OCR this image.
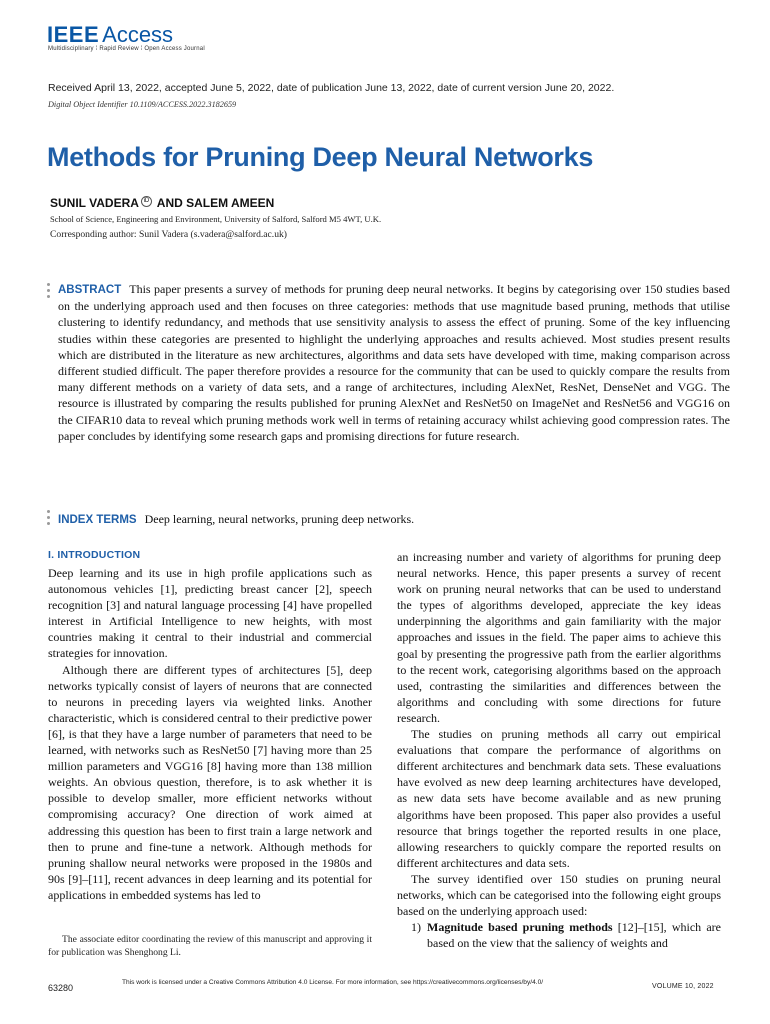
IEEE Access
Multidisciplinary ⁞ Rapid Review ⁞ Open Access Journal
Received April 13, 2022, accepted June 5, 2022, date of publication June 13, 2022, date of current version June 20, 2022.
Digital Object Identifier 10.1109/ACCESS.2022.3182659
Methods for Pruning Deep Neural Networks
SUNIL VADERA iD AND SALEM AMEEN
School of Science, Engineering and Environment, University of Salford, Salford M5 4WT, U.K.
Corresponding author: Sunil Vadera (s.vadera@salford.ac.uk)
ABSTRACT This paper presents a survey of methods for pruning deep neural networks. It begins by categorising over 150 studies based on the underlying approach used and then focuses on three categories: methods that use magnitude based pruning, methods that utilise clustering to identify redundancy, and methods that use sensitivity analysis to assess the effect of pruning. Some of the key influencing studies within these categories are presented to highlight the underlying approaches and results achieved. Most studies present results which are distributed in the literature as new architectures, algorithms and data sets have developed with time, making comparison across different studied difficult. The paper therefore provides a resource for the community that can be used to quickly compare the results from many different methods on a variety of data sets, and a range of architectures, including AlexNet, ResNet, DenseNet and VGG. The resource is illustrated by comparing the results published for pruning AlexNet and ResNet50 on ImageNet and ResNet56 and VGG16 on the CIFAR10 data to reveal which pruning methods work well in terms of retaining accuracy whilst achieving good compression rates. The paper concludes by identifying some research gaps and promising directions for future research.
INDEX TERMS Deep learning, neural networks, pruning deep networks.
I. INTRODUCTION

Deep learning and its use in high profile applications such as autonomous vehicles [1], predicting breast cancer [2], speech recognition [3] and natural language processing [4] have propelled interest in Artificial Intelligence to new heights, with most countries making it central to their industrial and commercial strategies for innovation.

Although there are different types of architectures [5], deep networks typically consist of layers of neurons that are connected to neurons in preceding layers via weighted links. Another characteristic, which is considered central to their predictive power [6], is that they have a large number of parameters that need to be learned, with networks such as ResNet50 [7] having more than 25 million parameters and VGG16 [8] having more than 138 million weights. An obvious question, therefore, is to ask whether it is possible to develop smaller, more efficient networks without compromising accuracy? One direction of work aimed at addressing this question has been to first train a large network and then to prune and fine-tune a network. Although methods for pruning shallow neural networks were proposed in the 1980s and 90s [9]–[11], recent advances in deep learning and its potential for applications in embedded systems has led to

The associate editor coordinating the review of this manuscript and approving it for publication was Shenghong Li.

an increasing number and variety of algorithms for pruning deep neural networks. Hence, this paper presents a survey of recent work on pruning neural networks that can be used to understand the types of algorithms developed, appreciate the key ideas underpinning the algorithms and gain familiarity with the major approaches and issues in the field. The paper aims to achieve this goal by presenting the progressive path from the earlier algorithms to the recent work, categorising algorithms based on the approach used, contrasting the similarities and differences between the algorithms and concluding with some directions for future research.

The studies on pruning methods all carry out empirical evaluations that compare the performance of algorithms on different architectures and benchmark data sets. These evaluations have evolved as new deep learning architectures have developed, as new data sets have become available and as new pruning algorithms have been proposed. This paper also provides a useful resource that brings together the reported results in one place, allowing researchers to quickly compare the reported results on different architectures and data sets.

The survey identified over 150 studies on pruning neural networks, which can be categorised into the following eight groups based on the underlying approach used:

1) Magnitude based pruning methods [12]–[15], which are based on the view that the saliency of weights and

63280
This work is licensed under a Creative Commons Attribution 4.0 License. For more information, see https://creativecommons.org/licenses/by/4.0/
VOLUME 10, 2022
